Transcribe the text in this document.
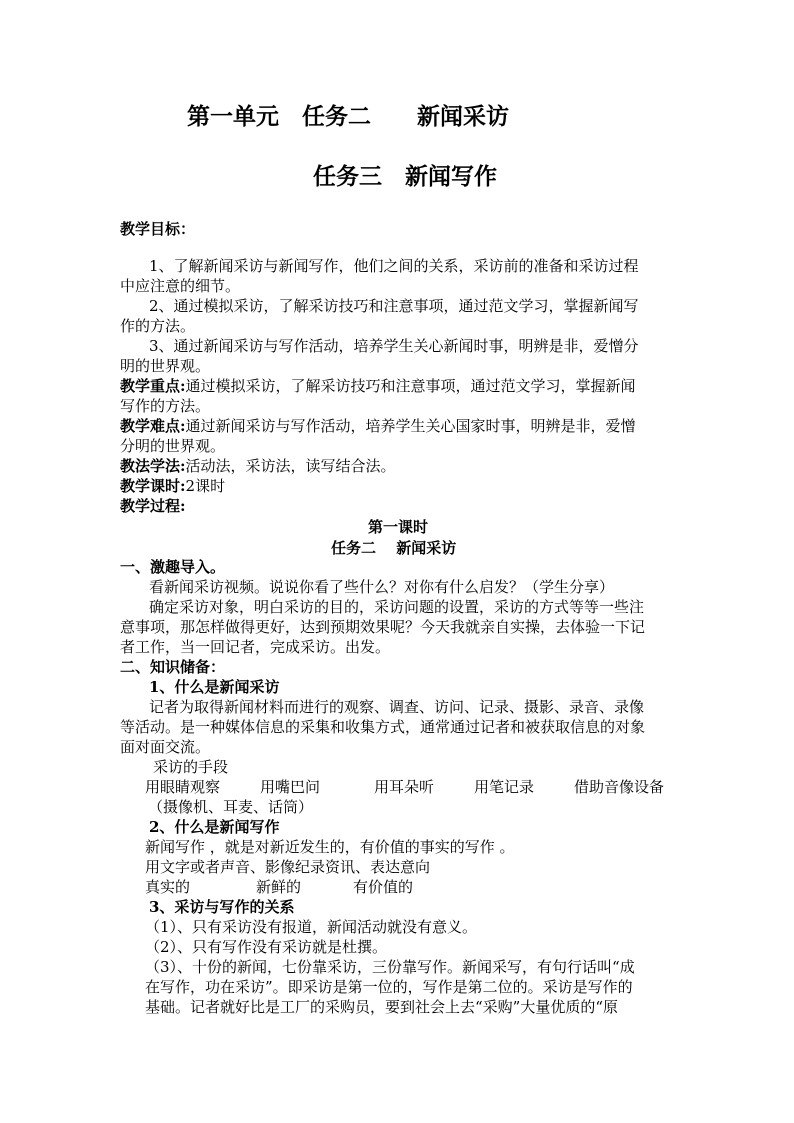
第一单元　任务二　　新闻采访
任务三　新闻写作
教学目标：
1、了解新闻采访与新闻写作，他们之间的关系，采访前的准备和采访过程
中应注意的细节。
2、通过模拟采访，了解采访技巧和注意事项，通过范文学习，掌握新闻写
作的方法。
3、通过新闻采访与写作活动，培养学生关心新闻时事，明辨是非，爱憎分
明的世界观。
教学重点:通过模拟采访，了解采访技巧和注意事项，通过范文学习，掌握新闻
写作的方法。
教学难点:通过新闻采访与写作活动，培养学生关心国家时事，明辨是非，爱憎
分明的世界观。
教法学法:活动法，采访法，读写结合法。
教学课时:2课时
教学过程:
第一课时
任务二　 新闻采访
一、激趣导入。
看新闻采访视频。说说你看了些什么？对你有什么启发？（学生分享）
确定采访对象，明白采访的目的，采访问题的设置，采访的方式等等一些注
意事项，那怎样做得更好，达到预期效果呢？今天我就亲自实操，去体验一下记
者工作，当一回记者，完成采访。出发。
二、知识储备：
1、什么是新闻采访
记者为取得新闻材料而进行的观察、调查、访问、记录、摄影、录音、录像
等活动。是一种媒体信息的采集和收集方式，通常通过记者和被获取信息的对象
面对面交流。
采访的手段
用眼睛观察	用嘴巴问	用耳朵听	用笔记录	借助音像设备
（摄像机、耳麦、话筒）
2、什么是新闻写作
新闻写作 ，就是对新近发生的，有价值的事实的写作 。
用文字或者声音、影像纪录资讯、表达意向
真实的	新鲜的	有价值的
3、采访与写作的关系
（1）、只有采访没有报道，新闻活动就没有意义。
（2）、只有写作没有采访就是杜撰。
（3）、十份的新闻，七份靠采访，三份靠写作。新闻采写，有句行话叫“成
在写作，功在采访”。即采访是第一位的，写作是第二位的。采访是写作的
基础。记者就好比是工厂的采购员，要到社会上去“采购”大量优质的“原
